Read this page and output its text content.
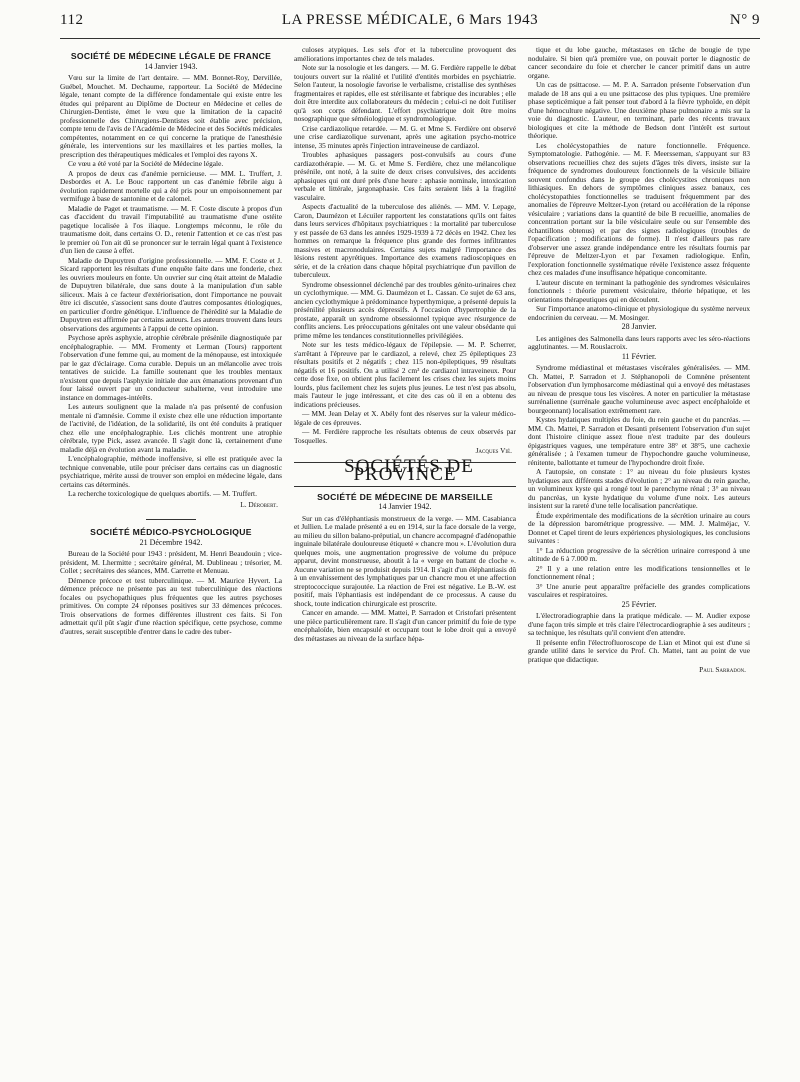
112	LA PRESSE MÉDICALE, 6 Mars 1943	N° 9

SOCIÉTÉ DE MÉDECINE LÉGALE DE FRANCE

14 Janvier 1943.

Vœu sur la limite de l'art dentaire. — MM. Bonnet-Roy, Dervillée, Guébel, Mouchet. M. Dechaume, rapporteur. La Société de Médecine légale, tenant compte de la différence fondamentale qui existe entre les études qui préparent au Diplôme de Docteur en Médecine et celles de Chirurgien-Dentiste, émet le vœu que la limitation de la capacité professionnelle des Chirurgiens-Dentistes soit établie avec précision, compte tenu de l'avis de l'Académie de Médecine et des Sociétés médicales compétentes, notamment en ce qui concerne la pratique de l'anesthésie générale, les interventions sur les maxillaires et les parties molles, la prescription des thérapeutiques médicales et l'emploi des rayons X.

Ce vœu a été voté par la Société de Médecine légale.

A propos de deux cas d'anémie pernicieuse. — MM. L. Truffert, J. Desbordes et A. Le Bouc rapportent un cas d'anémie fébrile aigu à évolution rapidement mortelle qui a été pris pour un empoisonnement par vermifuge à base de santonine et de calomel.

Maladie de Paget et traumatisme. — M. F. Coste discute à propos d'un cas d'accident du travail l'imputabilité au traumatisme d'une ostéite pagetique localisée à l'os iliaque. Longtemps méconnu, le rôle du traumatisme doit, dans certains O. D., retenir l'attention et ce cas n'est pas le premier où l'on ait dû se prononcer sur le terrain légal quant à l'existence d'un lien de cause à effet.

Maladie de Dupuytren d'origine professionnelle. — MM. F. Coste et J. Sicard rapportent les résultats d'une enquête faite dans une fonderie, chez les ouvriers mouleurs en fonte. Un ouvrier sur cinq était atteint de Maladie de Dupuytren bilatérale, due sans doute à la manipulation d'un sable siliceux. Mais à ce facteur d'extériorisation, dont l'importance ne pouvait être ici discutée, s'associent sans doute d'autres composantes étiologiques, en particulier d'ordre génétique. L'influence de l'hérédité sur la Maladie de Dupuytren est affirmée par certains auteurs. Les auteurs trouvent dans leurs observations des arguments à l'appui de cette opinion.

Psychose après asphyxie, atrophie cérébrale présénile diagnostiquée par encéphalographie. — MM. Fromenty et Lerman (Tours) rapportent l'observation d'une femme qui, au moment de la ménopause, est intoxiquée par le gaz d'éclairage. Coma curable. Depuis un an mélancolie avec trois tentatives de suicide. La famille soutenant que les troubles mentaux n'existent que depuis l'asphyxie initiale due aux émanations provenant d'un four laissé ouvert par un conducteur subalterne, veut introduire une instance en dommages-intérêts.

Les auteurs soulignent que la malade n'a pas présenté de confusion mentale ni d'amnésie. Comme il existe chez elle une réduction importante de l'activité, de l'idéation, de la solidarité, ils ont été conduits à pratiquer chez elle une encéphalographie. Les clichés montrent une atrophie cérébrale, type Pick, assez avancée. Il s'agit donc là, certainement d'une maladie déjà en évolution avant la maladie.

L'encéphalographie, méthode inoffensive, si elle est pratiquée avec la technique convenable, utile pour préciser dans certains cas un diagnostic psychiatrique, mérite aussi de trouver son emploi en médecine légale, dans certains cas déterminés.

La recherche toxicologique de quelques abortifs. — M. Truffert.

L. Dérobert.

SOCIÉTÉ MÉDICO-PSYCHOLOGIQUE

21 Décembre 1942.

Bureau de la Société pour 1943 : président, M. Henri Beaudouin ; vice-président, M. Lhermitte ; secrétaire général, M. Dublineau ; trésorier, M. Collet ; secrétaires des séances, MM. Carrette et Menuau.

Démence précoce et test tuberculinique. — M. Maurice Hyvert. La démence précoce ne présente pas au test tuberculinique des réactions focales ou psychopathiques plus fréquentes que les autres psychoses primitives. On compte 24 réponses positives sur 33 démences précoces. Trois observations de formes différentes illustrent ces faits. Si l'on admettait qu'il pût s'agir d'une réaction spécifique, cette psychose, comme d'autres, serait susceptible d'entrer dans le cadre des tuber-

culoses atypiques. Les sels d'or et la tuberculine provoquent des améliorations importantes chez de tels malades.

Note sur la nosologie et les dangers. — M. G. Ferdière rappelle le débat toujours ouvert sur la réalité et l'utilité d'entités morbides en psychiatrie. Selon l'auteur, la nosologie favorise le verbalisme, cristallise des synthèses fragmentaires et rapides, elle est stérilisante et fabrique des incurables ; elle doit être interdite aux collaborateurs du médecin ; celui-ci ne doit l'utiliser qu'à son corps défendant. L'effort psychiatrique doit être moins nosographique que séméiologique et syndromologique.

Crise cardiazolique retardée. — M. G. et Mme S. Ferdière ont observé une crise cardiazolique survenant, après une agitation psycho-motrice intense, 35 minutes après l'injection intraveineuse de cardiazol.

Troubles aphasiques passagers post-convulsifs au cours d'une cardiazothérapie. — M. G. et Mme S. Ferdière, chez une mélancolique présénile, ont noté, à la suite de deux crises convulsives, des accidents aphasiques qui ont duré près d'une heure : aphasie nominale, intoxication verbale et littérale, jargonaphasie. Ces faits seraient liés à la fragilité vasculaire.

Aspects d'actualité de la tuberculose des aliénés. — MM. V. Lepage, Caron, Daumézon et Lécuiler rapportent les constatations qu'ils ont faites dans leurs services d'hôpitaux psychiatriques : la mortalité par tuberculose y est passée de 63 dans les années 1929-1939 à 72 décès en 1942. Chez les hommes on remarque la fréquence plus grande des formes infiltrantes massives et macronodulaires. Certains sujets malgré l'importance des lésions restent apyrétiques. Importance des examens radioscopiques en série, et de la création dans chaque hôpital psychiatrique d'un pavillon de tuberculeux.

Syndrome obsessionnel déclenché par des troubles génito-urinaires chez un cyclothymique. — MM. G. Daumézon et L. Cassan. Ce sujet de 63 ans, ancien cyclothymique à prédominance hyperthymique, a présenté depuis la présénilité plusieurs accès dépressifs. A l'occasion d'hypertrophie de la prostate, apparaît un syndrome obsessionnel typique avec résurgence de conflits anciens. Les préoccupations génitales ont une valeur obsédante qui prime même les tendances constitutionnelles privilégiées.

Note sur les tests médico-légaux de l'épilepsie. — M. P. Scherrer, s'arrêtant à l'épreuve par le cardiazol, a relevé, chez 25 épileptiques 23 résultats positifs et 2 négatifs ; chez 115 non-épileptiques, 99 résultats négatifs et 16 positifs. On a utilisé 2 cm³ de cardiazol intraveineux. Pour cette dose fixe, on obtient plus facilement les crises chez les sujets moins lourds, plus facilement chez les sujets plus jeunes. Le test n'est pas absolu, mais l'auteur le juge intéressant, et cite des cas où il en a obtenu des indications précieuses.

— MM. Jean Delay et X. Abély font des réserves sur la valeur médico-légale de ces épreuves.

— M. Ferdière rapproche les résultats obtenus de ceux observés par Tosquelles.

Jacques Vié.

SOCIÉTÉS DE PROVINCE

SOCIÉTÉ DE MÉDECINE DE MARSEILLE

14 Janvier 1942.

Sur un cas d'éléphantiasis monstrueux de la verge. — MM. Casabianca et Jullien. Le malade présenté a eu en 1914, sur la face dorsale de la verge, au milieu du sillon balano-préputial, un chancre accompagné d'adénopathie inguinale bilatérale douloureuse étiqueté « chancre mou ». L'évolution dura quelques mois, une augmentation progressive de volume du prépuce apparut, devint monstrueuse, aboutit à la « verge en battant de cloche ». Aucune variation ne se produisit depuis 1914. Il s'agit d'un éléphantiasis dû à un envahissement des lymphatiques par un chancre mou et une affection streptococcique surajoutée. La réaction de Frei est négative. Le B.-W. est positif, mais l'éphantiasis est indépendant de ce processus. A cause du shock, toute indication chirurgicale est proscrite.

Cancer en amande. — MM. Mattei, P. Sarradon et Cristofari présentent une pièce particulièrement rare. Il s'agit d'un cancer primitif du foie de type encéphaloïde, bien encapsulé et occupant tout le lobe droit qui a envoyé des métastases au niveau de la surface hépa-

tique et du lobe gauche, métastases en tâche de bougie de type nodulaire. Si bien qu'à première vue, on pouvait porter le diagnostic de cancer secondaire du foie et chercher le cancer primitif dans un autre organe.

Un cas de psittacose. — M. P. A. Sarradon présente l'observation d'un malade de 18 ans qui a eu une psittacose des plus typiques. Une première phase septicémique a fait penser tout d'abord à la fièvre typhoïde, en dépit d'une hémoculture négative. Une deuxième phase pulmonaire a mis sur la voie du diagnostic. L'auteur, en terminant, parle des récents travaux biologiques et cite la méthode de Bedson dont l'intérêt est surtout théorique.

Les cholécystopathies de nature fonctionnelle. Fréquence. Symptomatologie. Pathogénie. — M. F. Meersseman, s'appuyant sur 83 observations recueillies chez des sujets d'âges très divers, insiste sur la fréquence de syndromes douloureux fonctionnels de la vésicule biliaire souvent confondus dans le groupe des cholécystites chroniques non lithiasiques. En dehors de symptômes cliniques assez banaux, ces cholécystopathies fonctionnelles se traduisent fréquemment par des anomalies de l'épreuve Meltzer-Lyon (retard ou accélération de la réponse vésiculaire ; variations dans la quantité de bile B recueillie, anomalies de concentration portant sur la bile vésiculaire seule ou sur l'ensemble des échantillons obtenus) et par des signes radiologiques (troubles de l'opacification ; modifications de forme). Il n'est d'ailleurs pas rare d'observer une assez grande indépendance entre les résultats fournis par l'épreuve de Meltzer-Lyon et par l'examen radiologique. Enfin, l'exploration fonctionnelle systématique révèle l'existence assez fréquente chez ces malades d'une insuffisance hépatique concomitante.

L'auteur discute en terminant la pathogénie des syndromes vésiculaires fonctionnels : théorie purement vésiculaire, théorie hépatique, et les orientations thérapeutiques qui en découlent.

Sur l'importance anatomo-clinique et physiologique du système nerveux endocrinien du cerveau. — M. Mosinger.

28 Janvier.

Les antigènes des Salmonella dans leurs rapports avec les séro-réactions agglutinantes. — M. Rouslacroix.

11 Février.

Syndrome médiastinal et métastases viscérales généralisées. — MM. Ch. Mattei, P. Sarradon et J. Stéphanopoli de Comnène présentent l'observation d'un lymphosarcome médiastinal qui a envoyé des métastases au niveau de presque tous les viscères. A noter en particulier la métastase surrénalienne (surrénale gauche volumineuse avec aspect encéphaloïde et bourgeonnant) localisation extrêmement rare.

Kystes hydatiques multiples du foie, du rein gauche et du pancréas. — MM. Ch. Mattei, P. Sarradon et Desanti présentent l'observation d'un sujet dont l'histoire clinique assez floue n'est traduite par des douleurs épigastriques vagues, une température entre 38° et 38°5, une cachexie généralisée ; à l'examen tumeur de l'hypochondre gauche volumineuse, rénitente, ballottante et tumeur de l'hypochondre droit fixée.

A l'autopsie, on constate : 1° au niveau du foie plusieurs kystes hydatiques aux différents stades d'évolution ; 2° au niveau du rein gauche, un volumineux kyste qui a rongé tout le parenchyme rénal ; 3° au niveau du pancréas, un kyste hydatique du volume d'une noix. Les auteurs insistent sur la rareté d'une telle localisation pancréatique.

Étude expérimentale des modifications de la sécrétion urinaire au cours de la dépression barométrique progressive. — MM. J. Malméjac, V. Donnet et Capel tirent de leurs expériences physiologiques, les conclusions suivantes :

1° La réduction progressive de la sécrétion urinaire correspond à une altitude de 6 à 7.000 m.

2° Il y a une relation entre les modifications tensionnelles et le fonctionnement rénal ;

3° Une anurie peut apparaître préfacielle des grandes complications vasculaires et respiratoires.

25 Février.

L'électroradiographie dans la pratique médicale. — M. Audier expose d'une façon très simple et très claire l'électrocardiographie à ses auditeurs ; sa technique, les résultats qu'il convient d'en attendre.

Il présente enfin l'électrofluoroscope de Lian et Minot qui est d'une si grande utilité dans le service du Prof. Ch. Mattei, tant au point de vue pratique que didactique.

Paul Sarradon.
